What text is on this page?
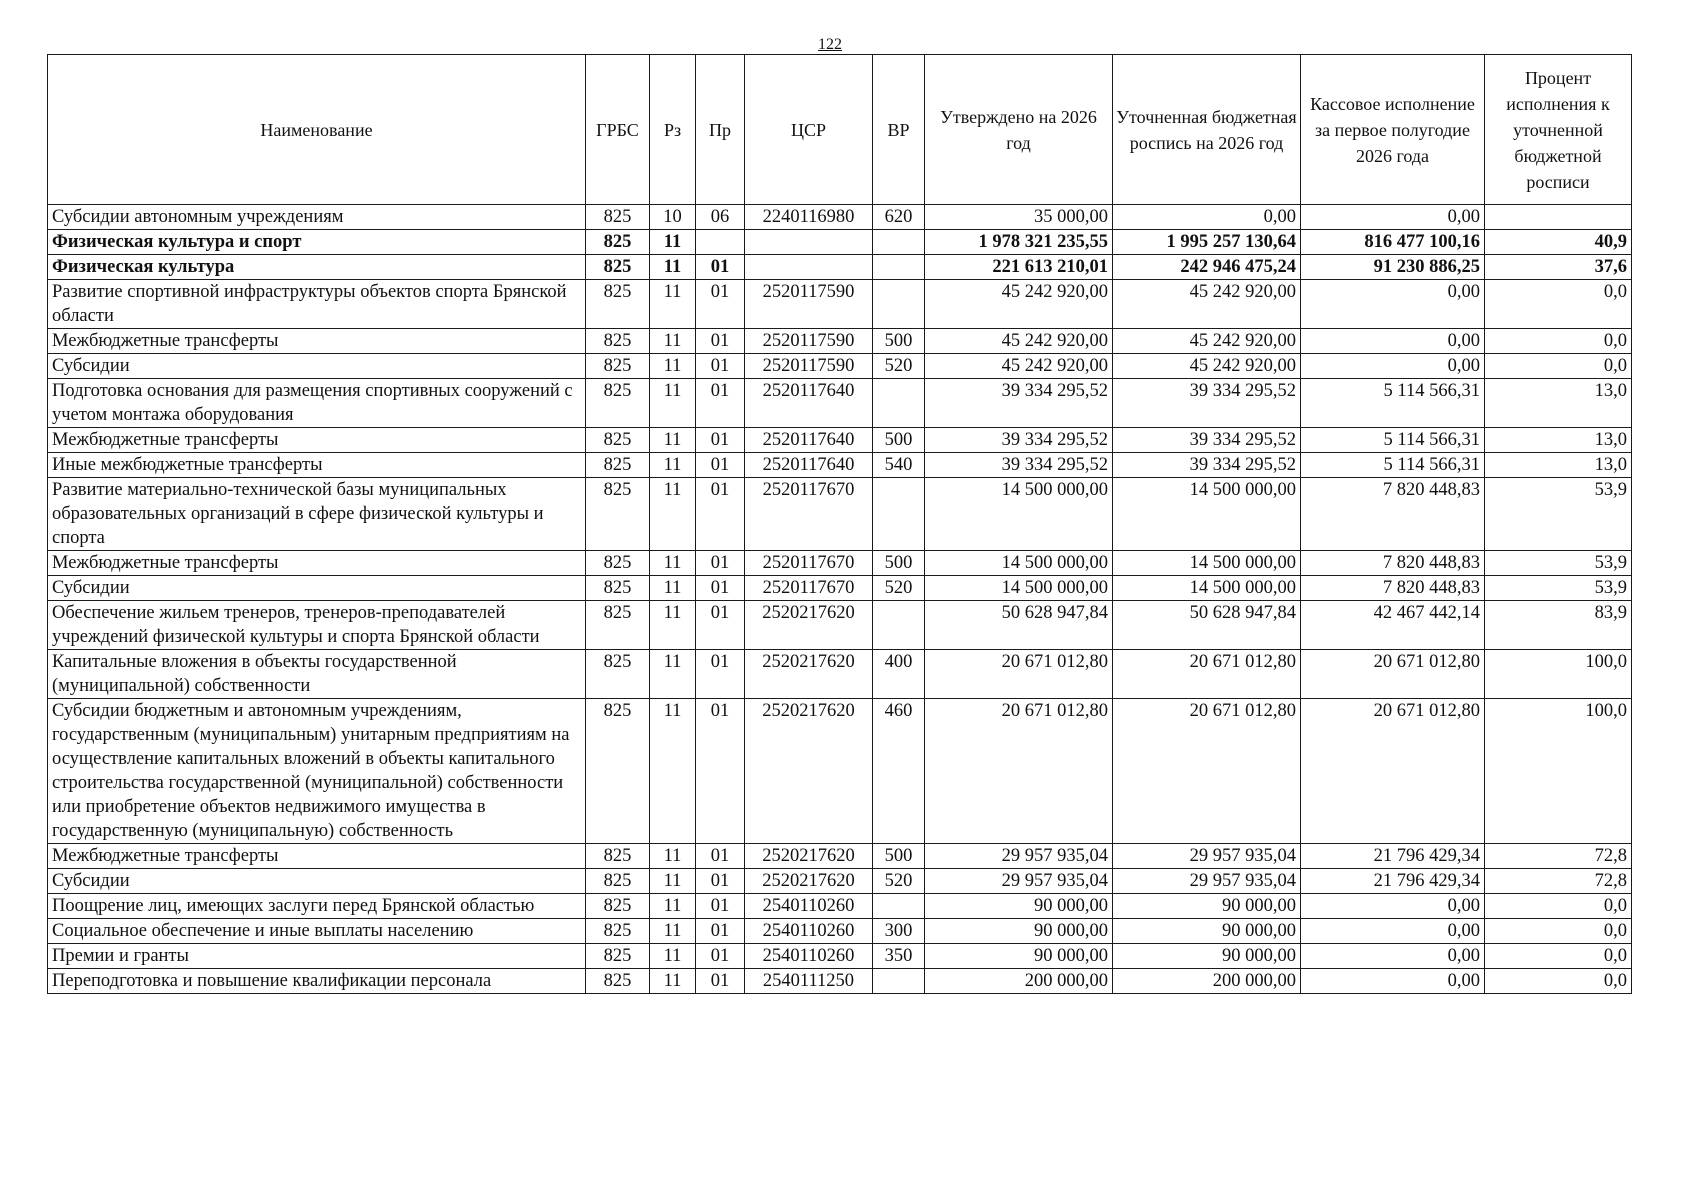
122
Наименование	ГРБС	Рз	Пр	ЦСР	ВР	Утверждено на 2026 год	Уточненная бюджетная роспись на 2026 год	Кассовое исполнение за первое полугодие 2026 года	Процент исполнения к уточненной бюджетной росписи
Субсидии автономным учреждениям	825	10	06	2240116980	620	35 000,00	0,00	0,00	
Физическая культура и спорт	825	11				1 978 321 235,55	1 995 257 130,64	816 477 100,16	40,9
Физическая культура	825	11	01			221 613 210,01	242 946 475,24	91 230 886,25	37,6
Развитие спортивной инфраструктуры объектов спорта Брянской области	825	11	01	2520117590		45 242 920,00	45 242 920,00	0,00	0,0
Межбюджетные трансферты	825	11	01	2520117590	500	45 242 920,00	45 242 920,00	0,00	0,0
Субсидии	825	11	01	2520117590	520	45 242 920,00	45 242 920,00	0,00	0,0
Подготовка основания для размещения спортивных сооружений с учетом монтажа оборудования	825	11	01	2520117640		39 334 295,52	39 334 295,52	5 114 566,31	13,0
Межбюджетные трансферты	825	11	01	2520117640	500	39 334 295,52	39 334 295,52	5 114 566,31	13,0
Иные межбюджетные трансферты	825	11	01	2520117640	540	39 334 295,52	39 334 295,52	5 114 566,31	13,0
Развитие материально-технической базы муниципальных образовательных организаций в сфере физической культуры и спорта	825	11	01	2520117670		14 500 000,00	14 500 000,00	7 820 448,83	53,9
Межбюджетные трансферты	825	11	01	2520117670	500	14 500 000,00	14 500 000,00	7 820 448,83	53,9
Субсидии	825	11	01	2520117670	520	14 500 000,00	14 500 000,00	7 820 448,83	53,9
Обеспечение жильем тренеров, тренеров-преподавателей учреждений физической культуры и спорта Брянской области	825	11	01	2520217620		50 628 947,84	50 628 947,84	42 467 442,14	83,9
Капитальные вложения в объекты государственной (муниципальной) собственности	825	11	01	2520217620	400	20 671 012,80	20 671 012,80	20 671 012,80	100,0
Субсидии бюджетным и автономным учреждениям, государственным (муниципальным) унитарным предприятиям на осуществление капитальных вложений в объекты капитального строительства государственной (муниципальной) собственности или приобретение объектов недвижимого имущества в государственную (муниципальную) собственность	825	11	01	2520217620	460	20 671 012,80	20 671 012,80	20 671 012,80	100,0
Межбюджетные трансферты	825	11	01	2520217620	500	29 957 935,04	29 957 935,04	21 796 429,34	72,8
Субсидии	825	11	01	2520217620	520	29 957 935,04	29 957 935,04	21 796 429,34	72,8
Поощрение лиц, имеющих заслуги перед Брянской областью	825	11	01	2540110260		90 000,00	90 000,00	0,00	0,0
Социальное обеспечение и иные выплаты населению	825	11	01	2540110260	300	90 000,00	90 000,00	0,00	0,0
Премии и гранты	825	11	01	2540110260	350	90 000,00	90 000,00	0,00	0,0
Переподготовка и повышение квалификации персонала	825	11	01	2540111250		200 000,00	200 000,00	0,00	0,0
